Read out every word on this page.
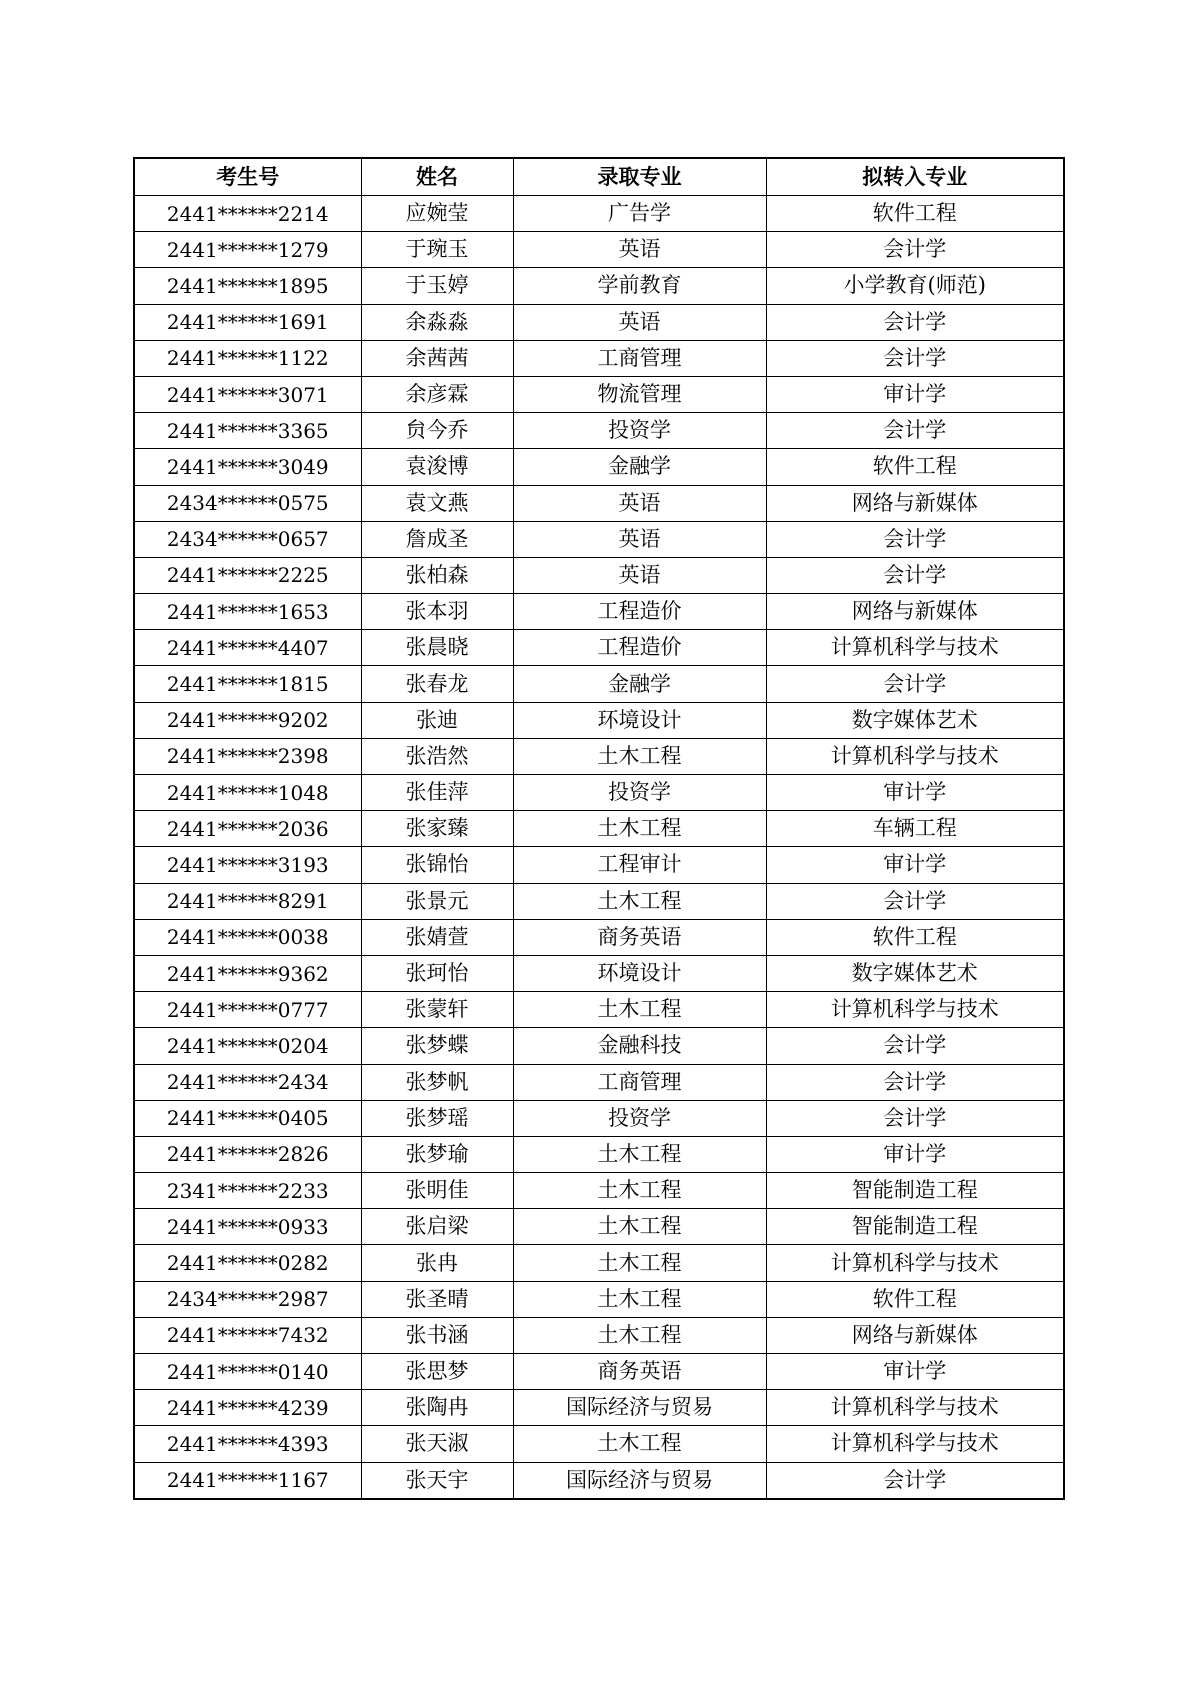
考生号	姓名	录取专业	拟转入专业
2441******2214	应婉莹	广告学	软件工程
2441******1279	于琬玉	英语	会计学
2441******1895	于玉婷	学前教育	小学教育(师范)
2441******1691	余淼淼	英语	会计学
2441******1122	余茜茜	工商管理	会计学
2441******3071	余彦霖	物流管理	审计学
2441******3365	贠今乔	投资学	会计学
2441******3049	袁浚博	金融学	软件工程
2434******0575	袁文燕	英语	网络与新媒体
2434******0657	詹成圣	英语	会计学
2441******2225	张柏森	英语	会计学
2441******1653	张本羽	工程造价	网络与新媒体
2441******4407	张晨晓	工程造价	计算机科学与技术
2441******1815	张春龙	金融学	会计学
2441******9202	张迪	环境设计	数字媒体艺术
2441******2398	张浩然	土木工程	计算机科学与技术
2441******1048	张佳萍	投资学	审计学
2441******2036	张家臻	土木工程	车辆工程
2441******3193	张锦怡	工程审计	审计学
2441******8291	张景元	土木工程	会计学
2441******0038	张婧萱	商务英语	软件工程
2441******9362	张珂怡	环境设计	数字媒体艺术
2441******0777	张蒙轩	土木工程	计算机科学与技术
2441******0204	张梦蝶	金融科技	会计学
2441******2434	张梦帆	工商管理	会计学
2441******0405	张梦瑶	投资学	会计学
2441******2826	张梦瑜	土木工程	审计学
2341******2233	张明佳	土木工程	智能制造工程
2441******0933	张启梁	土木工程	智能制造工程
2441******0282	张冉	土木工程	计算机科学与技术
2434******2987	张圣晴	土木工程	软件工程
2441******7432	张书涵	土木工程	网络与新媒体
2441******0140	张思梦	商务英语	审计学
2441******4239	张陶冉	国际经济与贸易	计算机科学与技术
2441******4393	张天淑	土木工程	计算机科学与技术
2441******1167	张天宇	国际经济与贸易	会计学
